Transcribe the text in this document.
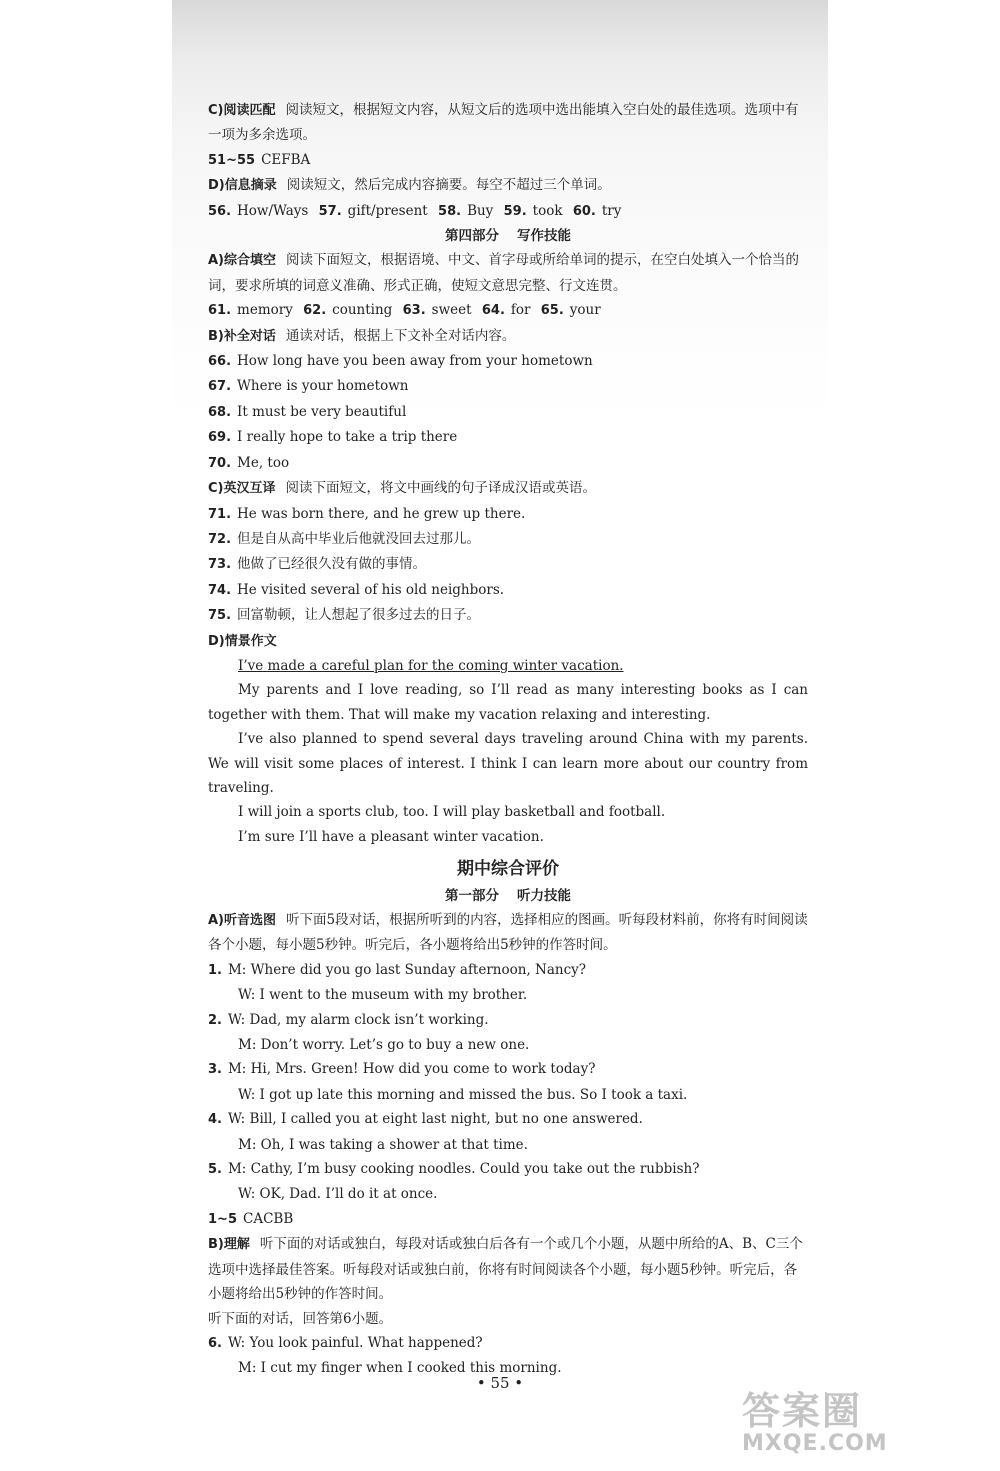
C)阅读匹配 阅读短文，根据短文内容，从短文后的选项中选出能填入空白处的最佳选项。选项中有一项为多余选项。
51~55 CEFBA
D)信息摘录 阅读短文，然后完成内容摘要。每空不超过三个单词。
56. How/Ways 57. gift/present 58. Buy 59. took 60. try
第四部分 写作技能
A)综合填空 阅读下面短文，根据语境、中文、首字母或所给单词的提示，在空白处填入一个恰当的词，要求所填的词意义准确、形式正确，使短文意思完整、行文连贯。
61. memory 62. counting 63. sweet 64. for 65. your
B)补全对话 通读对话，根据上下文补全对话内容。
66. How long have you been away from your hometown
67. Where is your hometown
68. It must be very beautiful
69. I really hope to take a trip there
70. Me, too
C)英汉互译 阅读下面短文，将文中画线的句子译成汉语或英语。
71. He was born there, and he grew up there.
72. 但是自从高中毕业后他就没回去过那儿。
73. 他做了已经很久没有做的事情。
74. He visited several of his old neighbors.
75. 回富勒顿，让人想起了很多过去的日子。
D)情景作文
I’ve made a careful plan for the coming winter vacation.
My parents and I love reading, so I’ll read as many interesting books as I can together with them. That will make my vacation relaxing and interesting.
I’ve also planned to spend several days traveling around China with my parents. We will visit some places of interest. I think I can learn more about our country from traveling.
I will join a sports club, too. I will play basketball and football.
I’m sure I’ll have a pleasant winter vacation.
期中综合评价
第一部分 听力技能
A)听音选图 听下面5段对话，根据所听到的内容，选择相应的图画。听每段材料前，你将有时间阅读各个小题，每小题5秒钟。听完后，各小题将给出5秒钟的作答时间。
1. M: Where did you go last Sunday afternoon, Nancy?
W: I went to the museum with my brother.
2. W: Dad, my alarm clock isn’t working.
M: Don’t worry. Let’s go to buy a new one.
3. M: Hi, Mrs. Green! How did you come to work today?
W: I got up late this morning and missed the bus. So I took a taxi.
4. W: Bill, I called you at eight last night, but no one answered.
M: Oh, I was taking a shower at that time.
5. M: Cathy, I’m busy cooking noodles. Could you take out the rubbish?
W: OK, Dad. I’ll do it at once.
1~5 CACBB
B)理解 听下面的对话或独白，每段对话或独白后各有一个或几个小题，从题中所给的A、B、C三个选项中选择最佳答案。听每段对话或独白前，你将有时间阅读各个小题，每小题5秒钟。听完后，各小题将给出5秒钟的作答时间。
听下面的对话，回答第6小题。
6. W: You look painful. What happened?
M: I cut my finger when I cooked this morning.
• 55 •
答案圈
MXQE.COM
